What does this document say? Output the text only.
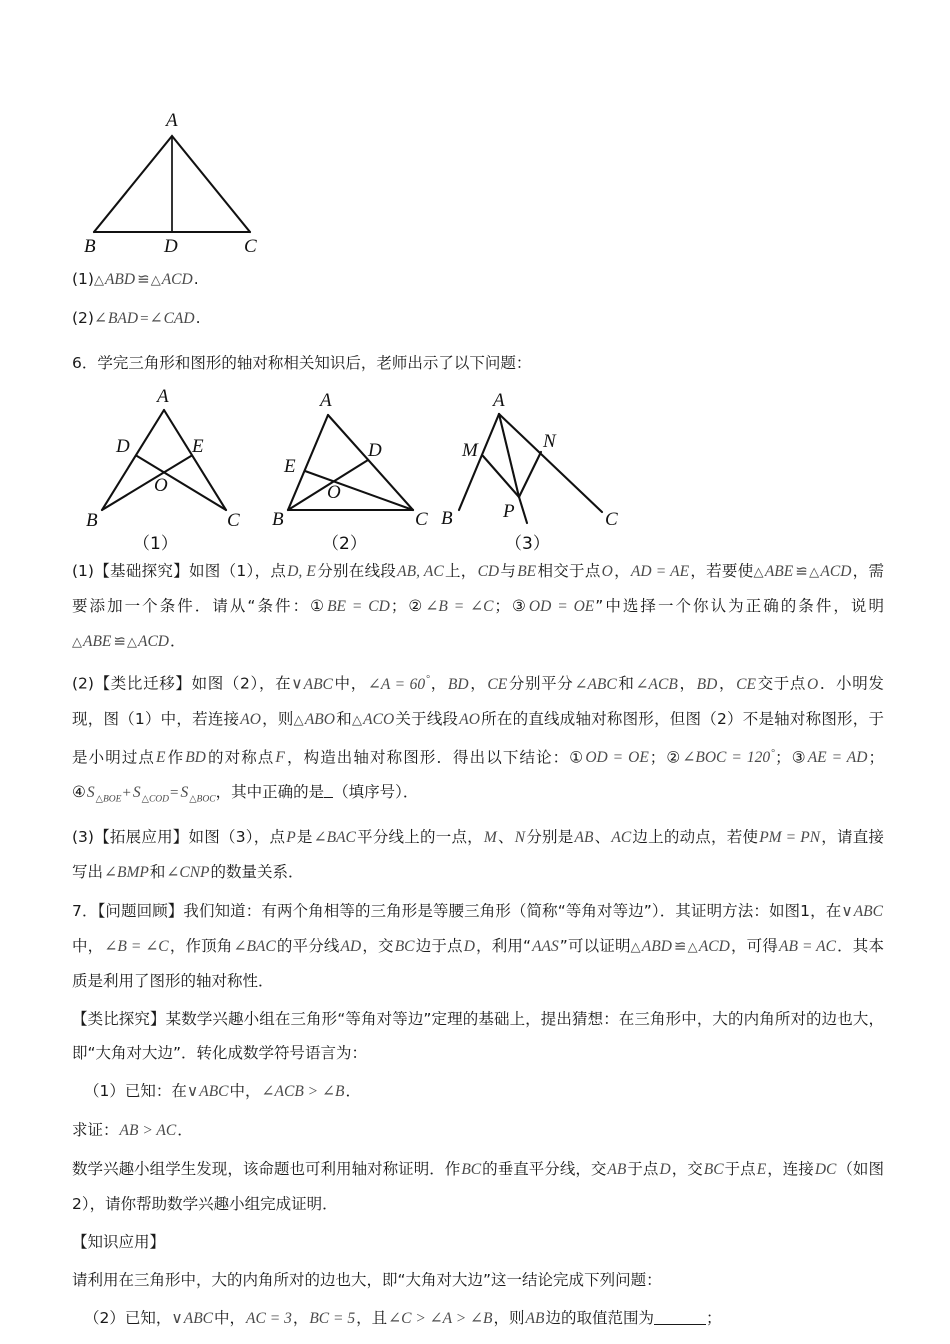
A
B	D	C

(1)△ABD ≌△ACD.

(2)∠BAD =∠CAD.

6．学完三角形和图形的轴对称相关知识后，老师出示了以下问题：

A
D	E
O
B	C
（1）
A
D
E
O
B	C
（2）
A
M	N
P
B	C
（3）

(1)【基础探究】如图（1），点D, E分别在线段AB, AC上，CD与BE相交于点O，AD = AE，若要使△ABE ≌△ACD，需要添加一个条件．请从“条件：①BE = CD；②∠B = ∠C；③OD = OE”中选择一个你认为正确的条件，说明△ABE ≌△ACD．

(2)【类比迁移】如图（2），在∨ABC中，∠A = 60°，BD，CE分别平分∠ABC和∠ACB，BD，CE交于点O．小明发现，图（1）中，若连接AO，则△ABO和△ACO关于线段AO所在的直线成轴对称图形，但图（2）不是轴对称图形，于是小明过点E作BD的对称点F，构造出轴对称图形．得出以下结论：①OD = OE；②∠BOC = 120°；③AE = AD；$④S_{\triangle BOE}+ S_{\triangle COD}= S_{\triangle BOC}$，其中正确的是 （填序号）．

(3)【拓展应用】如图（3），点P是∠BAC平分线上的一点，M、N分别是AB、AC边上的动点，若使PM = PN，请直接写出∠BMP和∠CNP的数量关系．

7．【问题回顾】我们知道：有两个角相等的三角形是等腰三角形（简称“等角对等边”）．其证明方法：如图1，在∨ABC中，∠B = ∠C，作顶角∠BAC的平分线AD，交BC边于点D，利用“AAS”可以证明△ABD ≌△ACD，可得AB = AC．其本质是利用了图形的轴对称性．

【类比探究】某数学兴趣小组在三角形“等角对等边”定理的基础上，提出猜想：在三角形中，大的内角所对的边也大，即“大角对大边”．转化成数学符号语言为：

（1）已知：在∨ABC中，∠ACB > ∠B．

求证：AB > AC．

数学兴趣小组学生发现，该命题也可利用轴对称证明．作BC的垂直平分线，交AB于点D，交BC于点E，连接DC（如图2），请你帮助数学兴趣小组完成证明．

【知识应用】

请利用在三角形中，大的内角所对的边也大，即“大角对大边”这一结论完成下列问题：

（2）已知，∨ABC中，AC = 3，BC = 5，且∠C > ∠A > ∠B，则AB边的取值范围为	；
